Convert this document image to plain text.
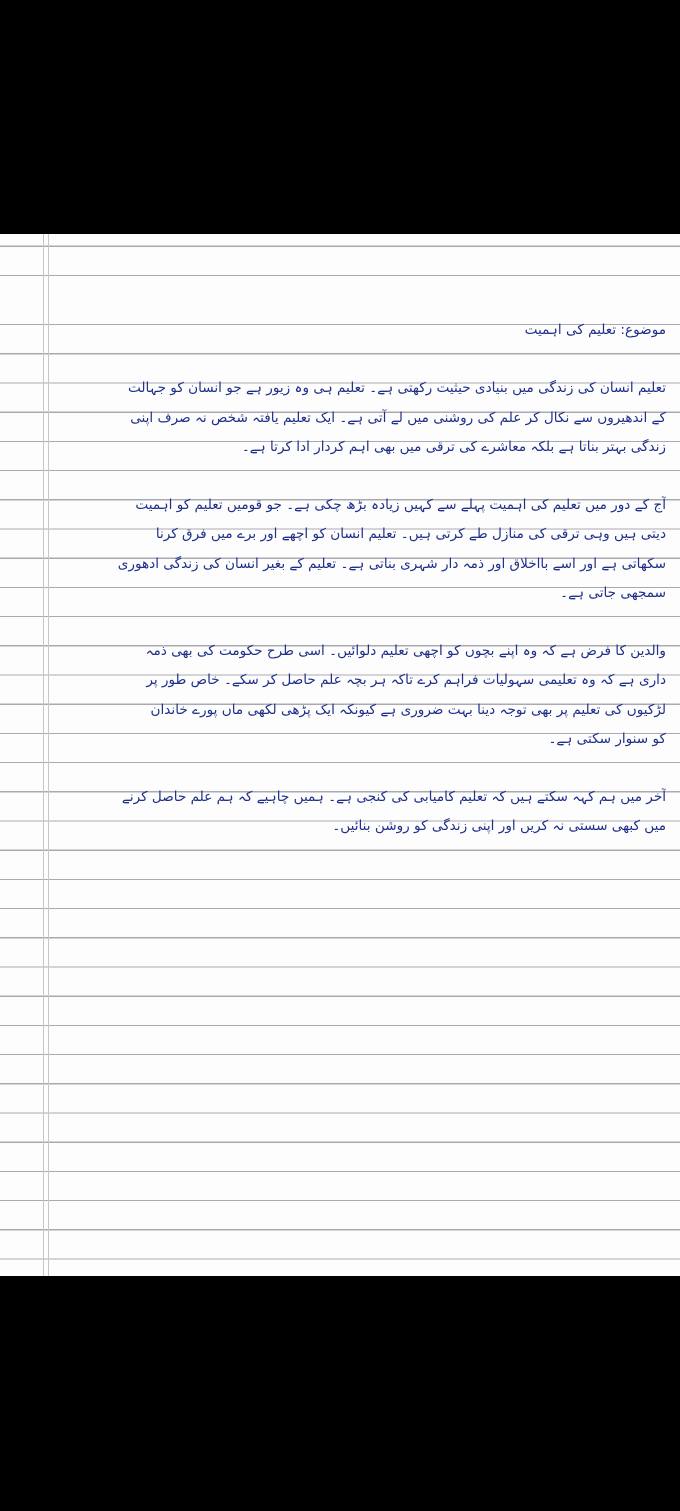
موضوع: تعلیم کی اہمیت
تعلیم انسان کی زندگی میں بنیادی حیثیت رکھتی ہے۔ تعلیم ہی وہ زیور ہے جو انسان کو جہالت
کے اندھیروں سے نکال کر علم کی روشنی میں لے آتی ہے۔ ایک تعلیم یافتہ شخص نہ صرف اپنی
زندگی بہتر بناتا ہے بلکہ معاشرے کی ترقی میں بھی اہم کردار ادا کرتا ہے۔
آج کے دور میں تعلیم کی اہمیت پہلے سے کہیں زیادہ بڑھ چکی ہے۔ جو قومیں تعلیم کو اہمیت
دیتی ہیں وہی ترقی کی منازل طے کرتی ہیں۔ تعلیم انسان کو اچھے اور برے میں فرق کرنا
سکھاتی ہے اور اسے بااخلاق اور ذمہ دار شہری بناتی ہے۔ تعلیم کے بغیر انسان کی زندگی ادھوری
سمجھی جاتی ہے۔
والدین کا فرض ہے کہ وہ اپنے بچوں کو اچھی تعلیم دلوائیں۔ اسی طرح حکومت کی بھی ذمہ
داری ہے کہ وہ تعلیمی سہولیات فراہم کرے تاکہ ہر بچہ علم حاصل کر سکے۔ خاص طور پر
لڑکیوں کی تعلیم پر بھی توجہ دینا بہت ضروری ہے کیونکہ ایک پڑھی لکھی ماں پورے خاندان
کو سنوار سکتی ہے۔
آخر میں ہم کہہ سکتے ہیں کہ تعلیم کامیابی کی کنجی ہے۔ ہمیں چاہیے کہ ہم علم حاصل کرنے
میں کبھی سستی نہ کریں اور اپنی زندگی کو روشن بنائیں۔
